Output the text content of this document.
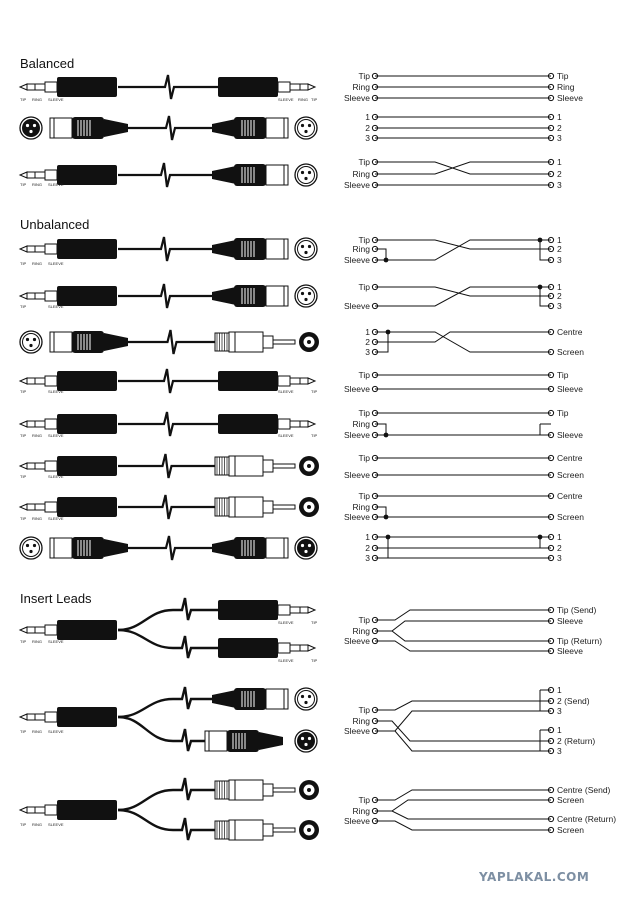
Balanced
Unbalanced
Insert Leads
TIP RING SLEEVE	SLEEVE RING TIP
Tip
Ring
Sleeve
Tip
Ring
Sleeve
1
2
3
1
2
3
TIP RING SLEEVE
Tip
Ring
Sleeve
1
2
3
TIP RING SLEEVE
Tip
Ring
Sleeve
1
2
3
TIP	SLEEVE
Tip
Sleeve
1
2
3
1
2
3
Centre
Screen
TIP	SLEEVE	SLEEVE	TIP
Tip
Sleeve
Tip
Sleeve
TIP RING SLEEVE	SLEEVE	TIP
Tip
Ring
Sleeve
Tip
Sleeve
TIP	SLEEVE
Tip
Sleeve
Centre
Screen
TIP RING SLEEVE
Tip
Ring
Sleeve
Centre
Screen
1
2
3
1
2
3
TIP RING SLEEVE
SLEEVE	TIP
SLEEVE	TIP
Tip
Ring
Sleeve
Tip (Send)
Sleeve
Tip (Return)
Sleeve
TIP RING SLEEVE
Tip
Ring
Sleeve
1
2 (Send)
3
1
2 (Return)
3
TIP RING SLEEVE
Tip
Ring
Sleeve
Centre (Send)
Screen
Centre (Return)
Screen
YAPLAKAL.COM
